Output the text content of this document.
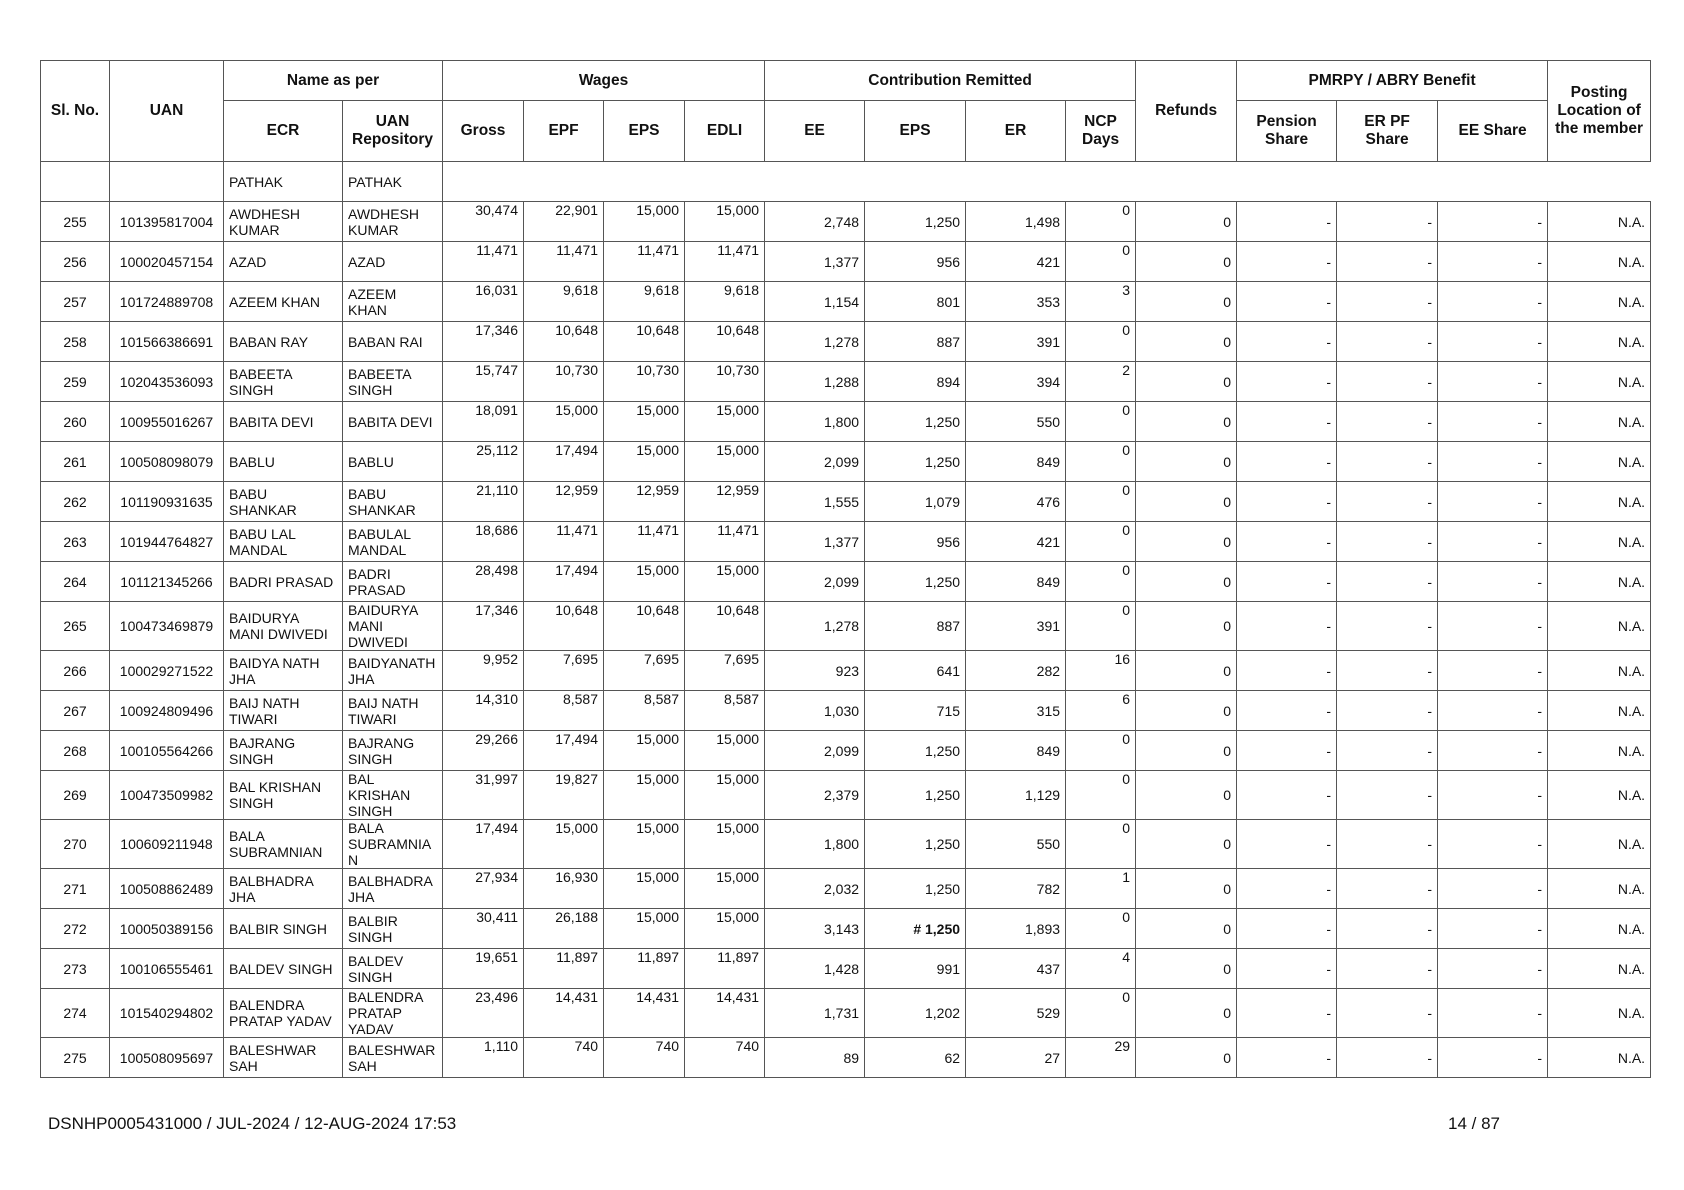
Sl. No.	UAN	Name as per		Wages				Contribution Remitted				Refunds	PMRPY / ABRY Benefit			Posting Location of the member
		ECR	UAN Repository	Gross	EPF	EPS	EDLI	EE	EPS	ER	NCP Days		Pension Share	ER PF Share	EE Share	
		PATHAK	PATHAK													
255	101395817004	AWDHESH KUMAR	AWDHESH KUMAR	30,474	22,901	15,000	15,000	2,748	1,250	1,498	0	0	-	-	-	N.A.
256	100020457154	AZAD	AZAD	11,471	11,471	11,471	11,471	1,377	956	421	0	0	-	-	-	N.A.
257	101724889708	AZEEM KHAN	AZEEM KHAN	16,031	9,618	9,618	9,618	1,154	801	353	3	0	-	-	-	N.A.
258	101566386691	BABAN RAY	BABAN RAI	17,346	10,648	10,648	10,648	1,278	887	391	0	0	-	-	-	N.A.
259	102043536093	BABEETA SINGH	BABEETA SINGH	15,747	10,730	10,730	10,730	1,288	894	394	2	0	-	-	-	N.A.
260	100955016267	BABITA DEVI	BABITA DEVI	18,091	15,000	15,000	15,000	1,800	1,250	550	0	0	-	-	-	N.A.
261	100508098079	BABLU	BABLU	25,112	17,494	15,000	15,000	2,099	1,250	849	0	0	-	-	-	N.A.
262	101190931635	BABU SHANKAR	BABU SHANKAR	21,110	12,959	12,959	12,959	1,555	1,079	476	0	0	-	-	-	N.A.
263	101944764827	BABU LAL MANDAL	BABULAL MANDAL	18,686	11,471	11,471	11,471	1,377	956	421	0	0	-	-	-	N.A.
264	101121345266	BADRI PRASAD	BADRI PRASAD	28,498	17,494	15,000	15,000	2,099	1,250	849	0	0	-	-	-	N.A.
265	100473469879	BAIDURYA MANI DWIVEDI	BAIDURYA MANI DWIVEDI	17,346	10,648	10,648	10,648	1,278	887	391	0	0	-	-	-	N.A.
266	100029271522	BAIDYA NATH JHA	BAIDYANATH JHA	9,952	7,695	7,695	7,695	923	641	282	16	0	-	-	-	N.A.
267	100924809496	BAIJ NATH TIWARI	BAIJ NATH TIWARI	14,310	8,587	8,587	8,587	1,030	715	315	6	0	-	-	-	N.A.
268	100105564266	BAJRANG SINGH	BAJRANG SINGH	29,266	17,494	15,000	15,000	2,099	1,250	849	0	0	-	-	-	N.A.
269	100473509982	BAL KRISHAN SINGH	BAL KRISHAN SINGH	31,997	19,827	15,000	15,000	2,379	1,250	1,129	0	0	-	-	-	N.A.
270	100609211948	BALA SUBRAMNIAN	BALA SUBRAMNIA N	17,494	15,000	15,000	15,000	1,800	1,250	550	0	0	-	-	-	N.A.
271	100508862489	BALBHADRA JHA	BALBHADRA JHA	27,934	16,930	15,000	15,000	2,032	1,250	782	1	0	-	-	-	N.A.
272	100050389156	BALBIR SINGH	BALBIR SINGH	30,411	26,188	15,000	15,000	3,143	# 1,250	1,893	0	0	-	-	-	N.A.
273	100106555461	BALDEV SINGH	BALDEV SINGH	19,651	11,897	11,897	11,897	1,428	991	437	4	0	-	-	-	N.A.
274	101540294802	BALENDRA PRATAP YADAV	BALENDRA PRATAP YADAV	23,496	14,431	14,431	14,431	1,731	1,202	529	0	0	-	-	-	N.A.
275	100508095697	BALESHWAR SAH	BALESHWAR SAH	1,110	740	740	740	89	62	27	29	0	-	-	-	N.A.
DSNHP0005431000 / JUL-2024 / 12-AUG-2024 17:53	14 / 87
